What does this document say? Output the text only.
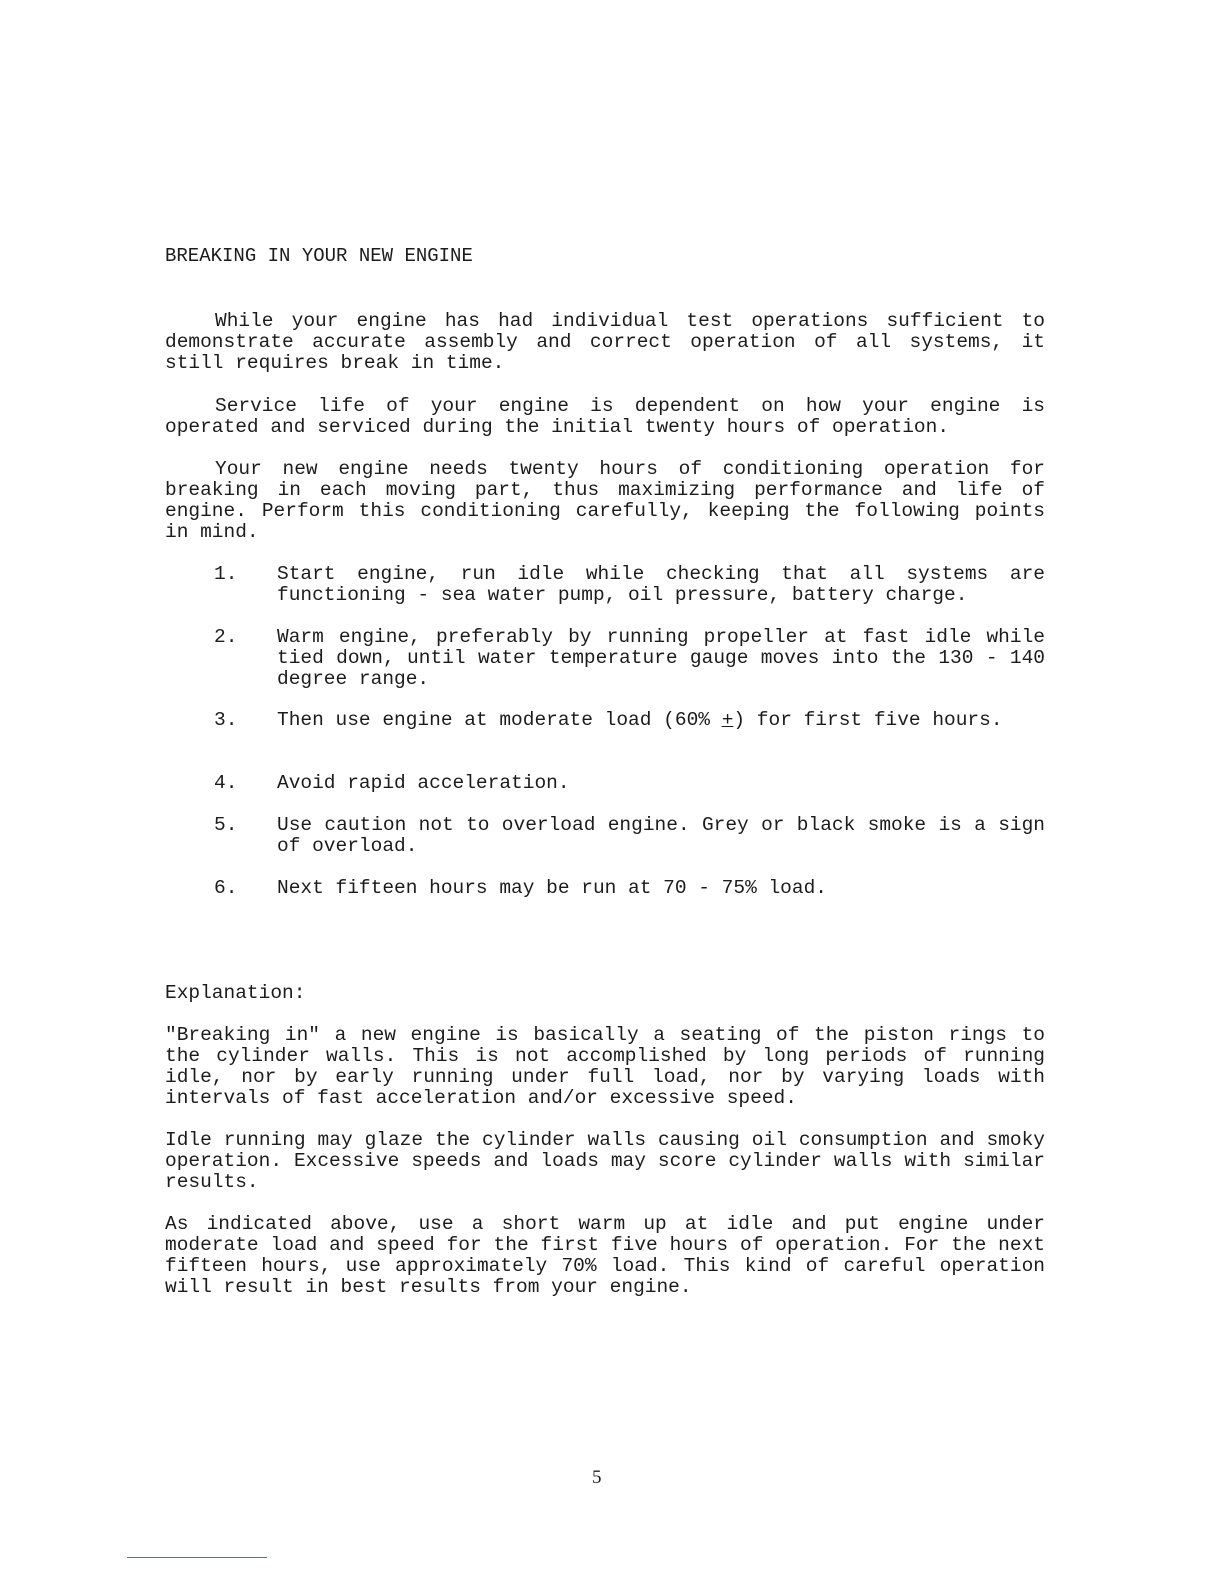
BREAKING IN YOUR NEW ENGINE

While your engine has had individual test operations sufficient to demonstrate accurate assembly and correct operation of all systems, it still requires break in time.

Service life of your engine is dependent on how your engine is operated and serviced during the initial twenty hours of operation.

Your new engine needs twenty hours of conditioning operation for breaking in each moving part, thus maximizing performance and life of engine. Perform this conditioning carefully, keeping the following points in mind.

1.	Start engine, run idle while checking that all systems are functioning - sea water pump, oil pressure, battery charge.
2.	Warm engine, preferably by running propeller at fast idle while tied down, until water temperature gauge moves into the 130 - 140 degree range.
3.	Then use engine at moderate load (60% +) for first five hours.
4.	Avoid rapid acceleration.
5.	Use caution not to overload engine. Grey or black smoke is a sign of overload.
6.	Next fifteen hours may be run at 70 - 75% load.

Explanation:

"Breaking in" a new engine is basically a seating of the piston rings to the cylinder walls. This is not accomplished by long periods of running idle, nor by early running under full load, nor by varying loads with intervals of fast acceleration and/or excessive speed.

Idle running may glaze the cylinder walls causing oil consumption and smoky operation. Excessive speeds and loads may score cylinder walls with similar results.

As indicated above, use a short warm up at idle and put engine under moderate load and speed for the first five hours of operation. For the next fifteen hours, use approximately 70% load. This kind of careful operation will result in best results from your engine.

5
